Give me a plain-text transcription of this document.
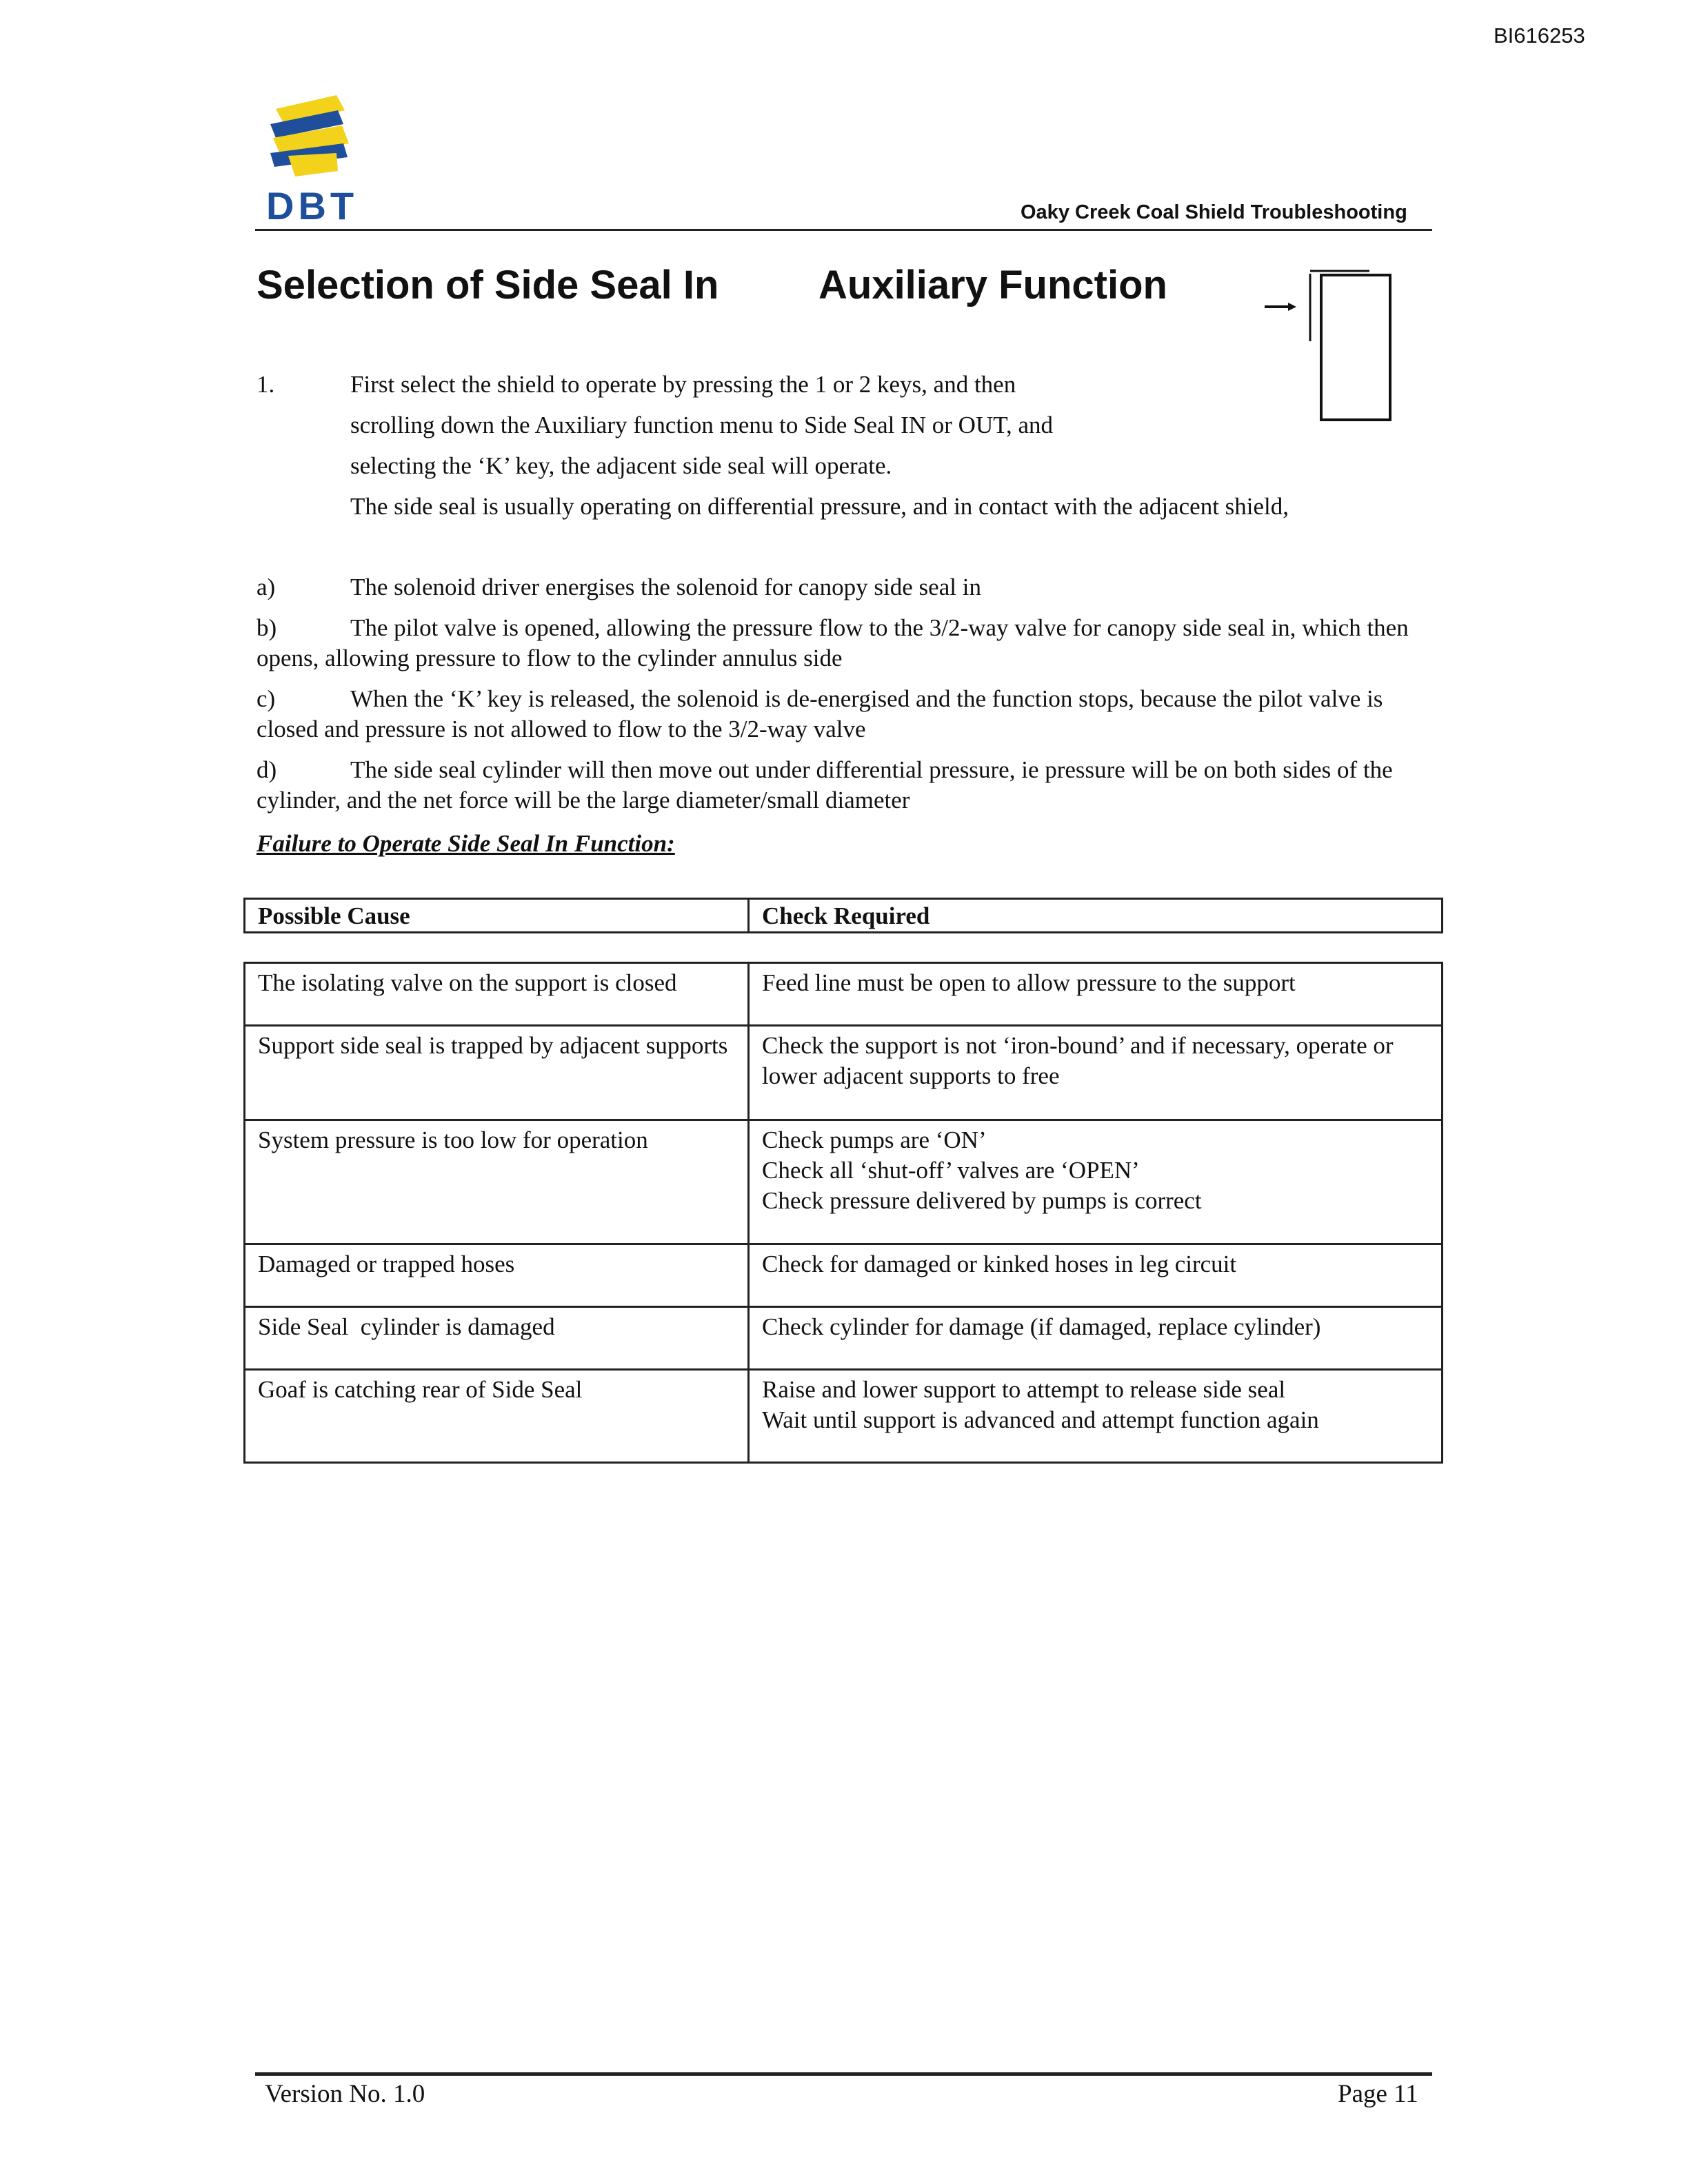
BI616253
DBT	Oaky Creek Coal Shield Troubleshooting
Selection of Side Seal In Auxiliary Function
1.	First select the shield to operate by pressing the 1 or 2 keys, and then
scrolling down the Auxiliary function menu to Side Seal IN or OUT, and
selecting the ‘K’ key, the adjacent side seal will operate.
The side seal is usually operating on differential pressure, and in contact with the adjacent shield,
a)	The solenoid driver energises the solenoid for canopy side seal in
b)	The pilot valve is opened, allowing the pressure flow to the 3/2-way valve for canopy side seal in, which then opens, allowing pressure to flow to the cylinder annulus side
c)	When the ‘K’ key is released, the solenoid is de-energised and the function stops, because the pilot valve is closed and pressure is not allowed to flow to the 3/2-way valve
d)	The side seal cylinder will then move out under differential pressure, ie pressure will be on both sides of the cylinder, and the net force will be the large diameter/small diameter
Failure to Operate Side Seal In Function:
Possible Cause	Check Required
The isolating valve on the support is closed	Feed line must be open to allow pressure to the support

Support side seal is trapped by adjacent supports	Check the support is not ‘iron-bound’ and if necessary, operate or lower adjacent supports to free

System pressure is too low for operation	Check pumps are ‘ON’
Check all ‘shut-off’ valves are ‘OPEN’
Check pressure delivered by pumps is correct

Damaged or trapped hoses	Check for damaged or kinked hoses in leg circuit

Side Seal  cylinder is damaged	Check cylinder for damage (if damaged, replace cylinder)

Goaf is catching rear of Side Seal	Raise and lower support to attempt to release side seal
Wait until support is advanced and attempt function again
Version No. 1.0	Page 11
